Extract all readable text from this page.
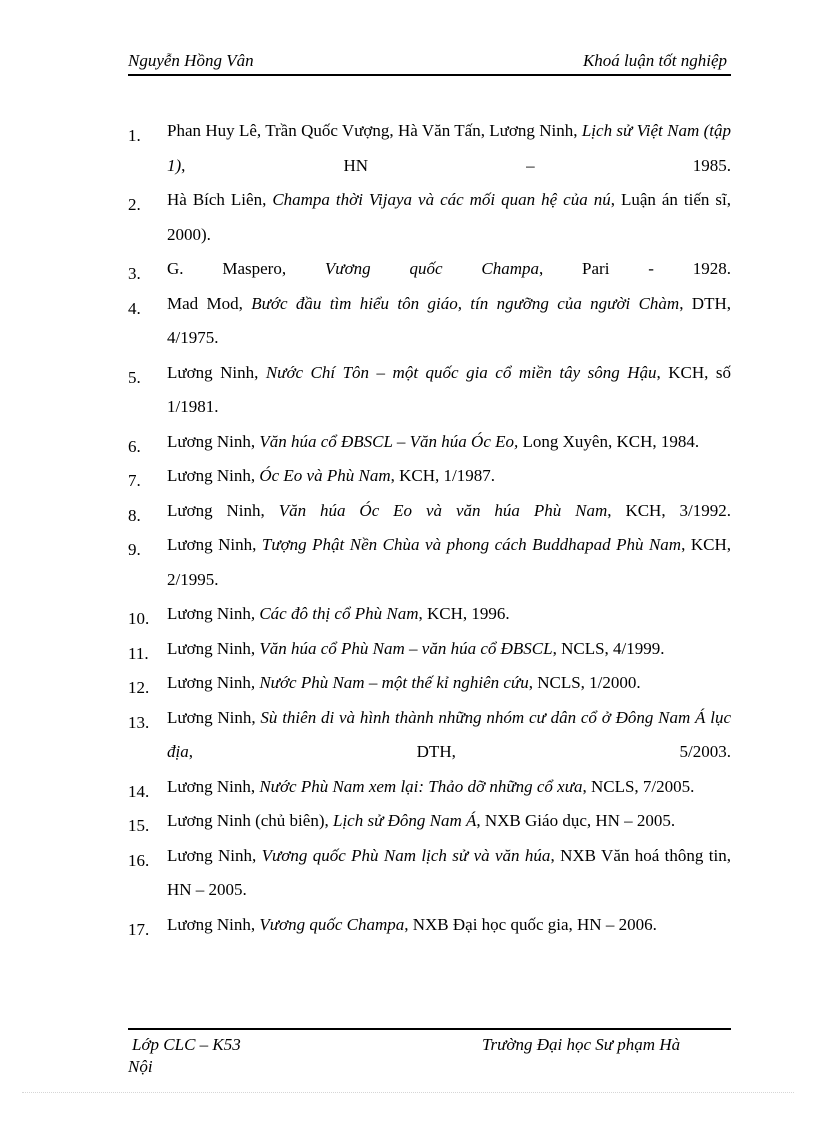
Nguyễn Hồng Vân	Khoá luận tốt nghiệp
1. Phan Huy Lê, Trần Quốc Vượng, Hà Văn Tấn, Lương Ninh, Lịch sử Việt Nam (tập 1), HN – 1985.
2. Hà Bích Liên, Champa thời Vijaya và các mối quan hệ của nú, Luận án tiến sĩ, 2000).
3. G. Maspero, Vương quốc Champa, Pari - 1928.
4. Mad Mod, Bước đầu tìm hiểu tôn giáo, tín ngưỡng của người Chàm, DTH, 4/1975.
5. Lương Ninh, Nước Chí Tôn – một quốc gia cổ miền tây sông Hậu, KCH, số 1/1981.
6. Lương Ninh, Văn húa cổ ĐBSCL – Văn húa Óc Eo, Long Xuyên, KCH, 1984.
7. Lương Ninh, Óc Eo và Phù Nam, KCH, 1/1987.
8. Lương Ninh, Văn húa Óc Eo và văn húa Phù Nam, KCH, 3/1992.
9. Lương Ninh, Tượng Phật Nền Chùa và phong cách Buddhapad Phù Nam, KCH, 2/1995.
10. Lương Ninh, Các đô thị cổ Phù Nam, KCH, 1996.
11. Lương Ninh, Văn húa cổ Phù Nam – văn húa cổ ĐBSCL, NCLS, 4/1999.
12. Lương Ninh, Nước Phù Nam – một thế kỉ nghiên cứu, NCLS, 1/2000.
13. Lương Ninh, Sù thiên di và hình thành những nhóm cư dân cổ ở Đông Nam Á lục địa, DTH, 5/2003.
14. Lương Ninh, Nước Phù Nam xem lại: Thảo dỡ những cổ xưa, NCLS, 7/2005.
15. Lương Ninh (chủ biên), Lịch sử Đông Nam Á, NXB Giáo dục, HN – 2005.
16. Lương Ninh, Vương quốc Phù Nam lịch sử và văn húa, NXB Văn hoá thông tin, HN – 2005.
17. Lương Ninh, Vương quốc Champa, NXB Đại học quốc gia, HN – 2006.
Lớp CLC – K53	Trường Đại học Sư phạm Hà
Nội
